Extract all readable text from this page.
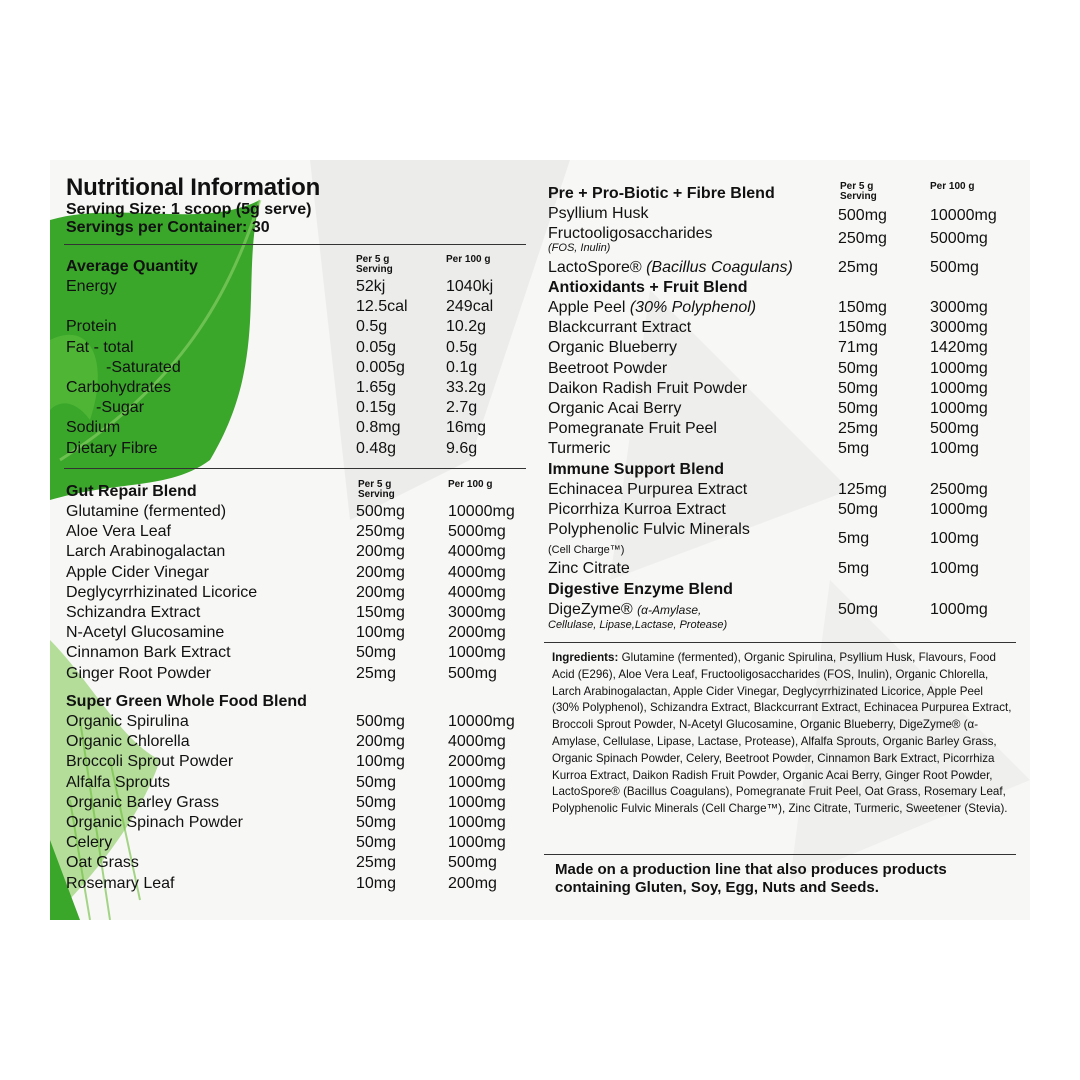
Nutritional Information
Serving Size: 1 scoop (5g serve)
Servings per Container: 30
Average Quantity	Per 5 g Serving
Per 100 g
Energy	52kj	1040kj
12.5cal 249cal
Protein	0.5g	10.2g
Fat - total	0.05g	0.5g
-Saturated	0.005g	0.1g
Carbohydrates	1.65g	33.2g
-Sugar	0.15g	2.7g
Sodium	0.8mg	16mg
Dietary Fibre	0.48g	9.6g
Gut Repair Blend	Per 5 g Serving
Per 100 g
Glutamine (fermented)	500mg	10000mg
Aloe Vera Leaf	250mg	5000mg
Larch Arabinogalactan	200mg	4000mg
Apple Cider Vinegar	200mg	4000mg
Deglycyrrhizinated Licorice	200mg	4000mg
Schizandra Extract	150mg	3000mg
N-Acetyl Glucosamine	100mg	2000mg
Cinnamon Bark Extract	50mg	1000mg
Ginger Root Powder	25mg	500mg
Super Green Whole Food Blend
Organic Spirulina	500mg	10000mg
Organic Chlorella	200mg	4000mg
Broccoli Sprout Powder	100mg	2000mg
Alfalfa Sprouts	50mg	1000mg
Organic Barley Grass	50mg	1000mg
Organic Spinach Powder	50mg	1000mg
Celery	50mg	1000mg
Oat Grass	25mg	500mg
Rosemary Leaf	10mg	200mg
Pre + Pro-Biotic + Fibre Blend	Per 5 g Serving
Per 100 g
Psyllium Husk	500mg	10000mg
Fructooligosaccharides
(FOS, Inulin)
250mg	5000mg
LactoSpore® (Bacillus Coagulans)	25mg	500mg
Antioxidants + Fruit Blend
Apple Peel (30% Polyphenol)	150mg	3000mg
Blackcurrant Extract	150mg	3000mg
Organic Blueberry	71mg	1420mg
Beetroot Powder	50mg	1000mg
Daikon Radish Fruit Powder	50mg	1000mg
Organic Acai Berry	50mg	1000mg
Pomegranate Fruit Peel	25mg	500mg
Turmeric	5mg	100mg
Immune Support Blend
Echinacea Purpurea Extract	125mg	2500mg
Picorrhiza Kurroa Extract	50mg	1000mg
Polyphenolic Fulvic Minerals
(Cell Charge™)
5mg	100mg
Zinc Citrate	5mg	100mg
Digestive Enzyme Blend
DigeZyme® (α-Amylase,
Cellulase, Lipase,Lactase, Protease)
50mg	1000mg
Ingredients: Glutamine (fermented), Organic Spirulina, Psyllium Husk, Flavours, Food Acid (E296), Aloe Vera Leaf, Fructooligosaccharides (FOS, Inulin), Organic Chlorella, Larch Arabinogalactan, Apple Cider Vinegar, Deglycyrrhizinated Licorice, Apple Peel (30% Polyphenol), Schizandra Extract, Blackcurrant Extract, Echinacea Purpurea Extract, Broccoli Sprout Powder, N-Acetyl Glucosamine, Organic Blueberry, DigeZyme® (α-Amylase, Cellulase, Lipase, Lactase, Protease), Alfalfa Sprouts, Organic Barley Grass, Organic Spinach Powder, Celery, Beetroot Powder, Cinnamon Bark Extract, Picorrhiza Kurroa Extract, Daikon Radish Fruit Powder, Organic Acai Berry, Ginger Root Powder, LactoSpore® (Bacillus Coagulans), Pomegranate Fruit Peel, Oat Grass, Rosemary Leaf, Polyphenolic Fulvic Minerals (Cell Charge™), Zinc Citrate, Turmeric, Sweetener (Stevia).
Made on a production line that also produces products containing Gluten, Soy, Egg, Nuts and Seeds.
